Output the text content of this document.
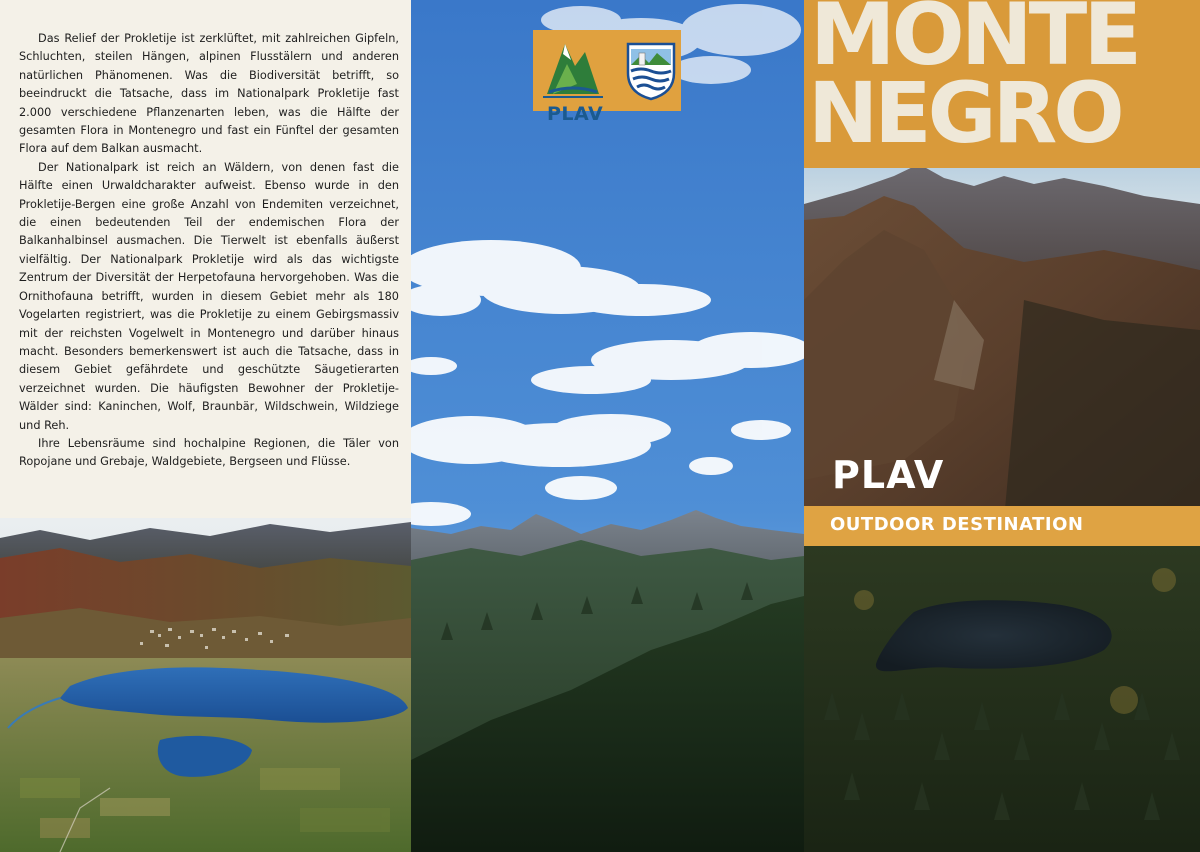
Das Relief der Prokletije ist zerklüftet, mit zahlreichen Gipfeln, Schluchten, steilen Hängen, alpinen Flusstälern und anderen natürlichen Phänomenen. Was die Biodiversität betrifft, so beeindruckt die Tatsache, dass im Nationalpark Prokletije fast 2.000 verschiedene Pflanzenarten leben, was die Hälfte der gesamten Flora in Montenegro und fast ein Fünftel der gesamten Flora auf dem Balkan ausmacht.

Der Nationalpark ist reich an Wäldern, von denen fast die Hälfte einen Urwaldcharakter aufweist. Ebenso wurde in den Prokletije-Bergen eine große Anzahl von Endemiten verzeichnet, die einen bedeutenden Teil der endemischen Flora der Balkanhalbinsel ausmachen. Die Tierwelt ist ebenfalls äußerst vielfältig. Der Nationalpark Prokletije wird als das wichtigste Zentrum der Diversität der Herpetofauna hervorgehoben. Was die Ornithofauna betrifft, wurden in diesem Gebiet mehr als 180 Vogelarten registriert, was die Prokletije zu einem Gebirgsmassiv mit der reichsten Vogelwelt in Montenegro und darüber hinaus macht. Besonders bemerkenswert ist auch die Tatsache, dass in diesem Gebiet gefährdete und geschützte Säugetierarten verzeichnet wurden. Die häufigsten Bewohner der Prokletije-Wälder sind: Kaninchen, Wolf, Braunbär, Wildschwein, Wildziege und Reh.

Ihre Lebensräume sind hochalpine Regionen, die Täler von Ropojane und Grebaje, Waldgebiete, Bergseen und Flüsse.

PLAV
MONTE
NEGRO
PLAV
OUTDOOR DESTINATION
